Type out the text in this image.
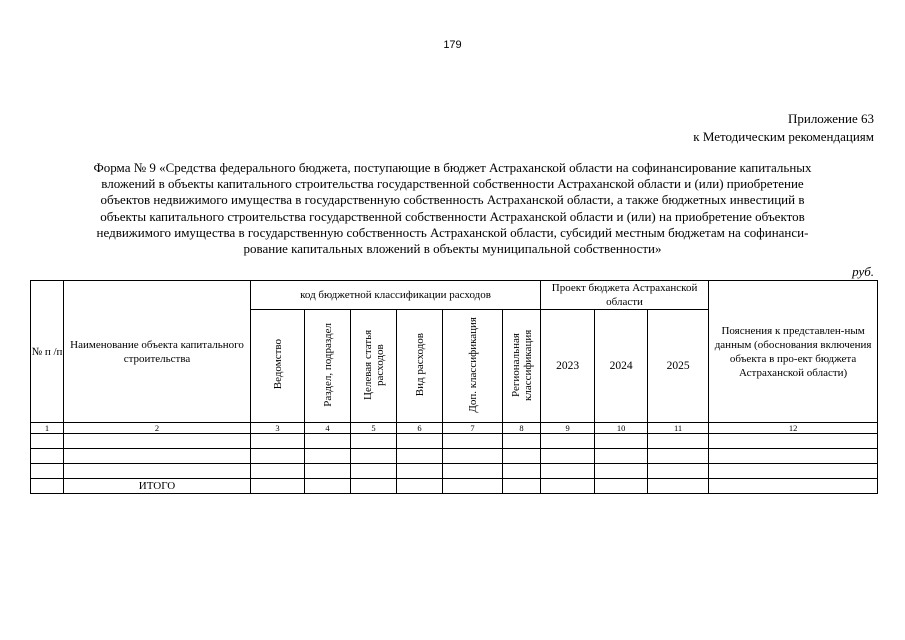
179
Приложение 63
к Методическим рекомендациям
Форма № 9 «Средства федерального бюджета, поступающие в бюджет Астраханской области на софинансирование капитальных
вложений в объекты капитального строительства государственной собственности Астраханской области и (или) приобретение
объектов недвижимого имущества в государственную собственность Астраханской области, а также бюджетных инвестиций в
объекты капитального строительства государственной собственности Астраханской области и (или) на приобретение объектов
недвижимого имущества в государственную собственность Астраханской области, субсидий местным бюджетам на софинанси-
рование капитальных вложений в объекты муниципальной собственности»
руб.
№ п /п	Наименование объекта капитального строительства	код бюджетной классификации расходов						Проект бюджета Астраханской области			Пояснения к представлен-ным данным (обоснования включения объекта в про-ект бюджета Астраханской области)
		Ведомство	Раздел, подраздел	Целевая статья расходов	Вид расходов	Доп. классификация	Региональная классификация	2023	2024	2025	
1	2	3	4	5	6	7	8	9	10	11	12

	ИТОГО										
